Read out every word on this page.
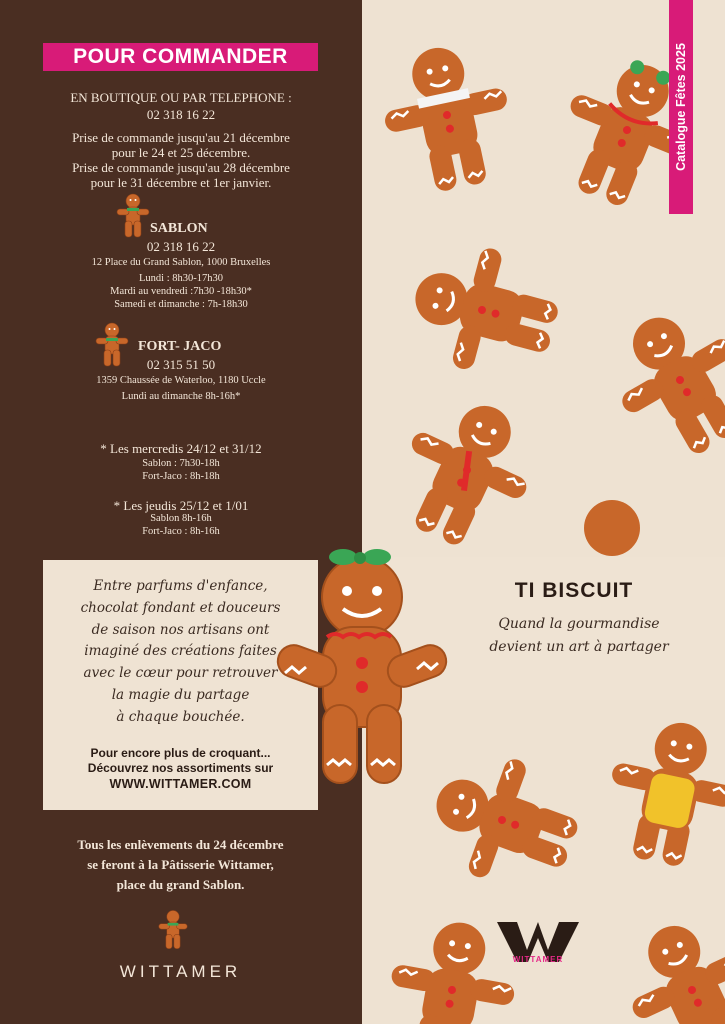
POUR COMMANDER
EN BOUTIQUE OU PAR TELEPHONE :
02 318 16 22
Prise de commande jusqu'au 21 décembre
pour le 24 et 25 décembre.
Prise de commande jusqu'au 28 décembre
pour le 31 décembre et 1er janvier.
SABLON
02 318 16 22
12 Place du Grand Sablon, 1000 Bruxelles
Lundi : 8h30-17h30
Mardi au vendredi :7h30 -18h30*
Samedi et dimanche : 7h-18h30
FORT- JACO
02 315 51 50
1359 Chaussée de Waterloo, 1180 Uccle
Lundi au dimanche 8h-16h*
* Les mercredis 24/12 et 31/12
Sablon : 7h30-18h
Fort-Jaco : 8h-18h
* Les jeudis 25/12 et 1/01
Sablon 8h-16h
Fort-Jaco : 8h-16h
Entre parfums d'enfance,
chocolat fondant et douceurs
de saison nos artisans ont
imaginé des créations faites
avec le cœur pour retrouver
la magie du partage
à chaque bouchée.
Pour encore plus de croquant...
Découvrez nos assortiments sur
WWW.WITTAMER.COM
Tous les enlèvements du 24 décembre
se feront à la Pâtisserie Wittamer,
place du grand Sablon.
WITTAMER
Catalogue Fêtes 2025
TI BISCUIT
Quand la gourmandise
devient un art à partager
WITTAMER
